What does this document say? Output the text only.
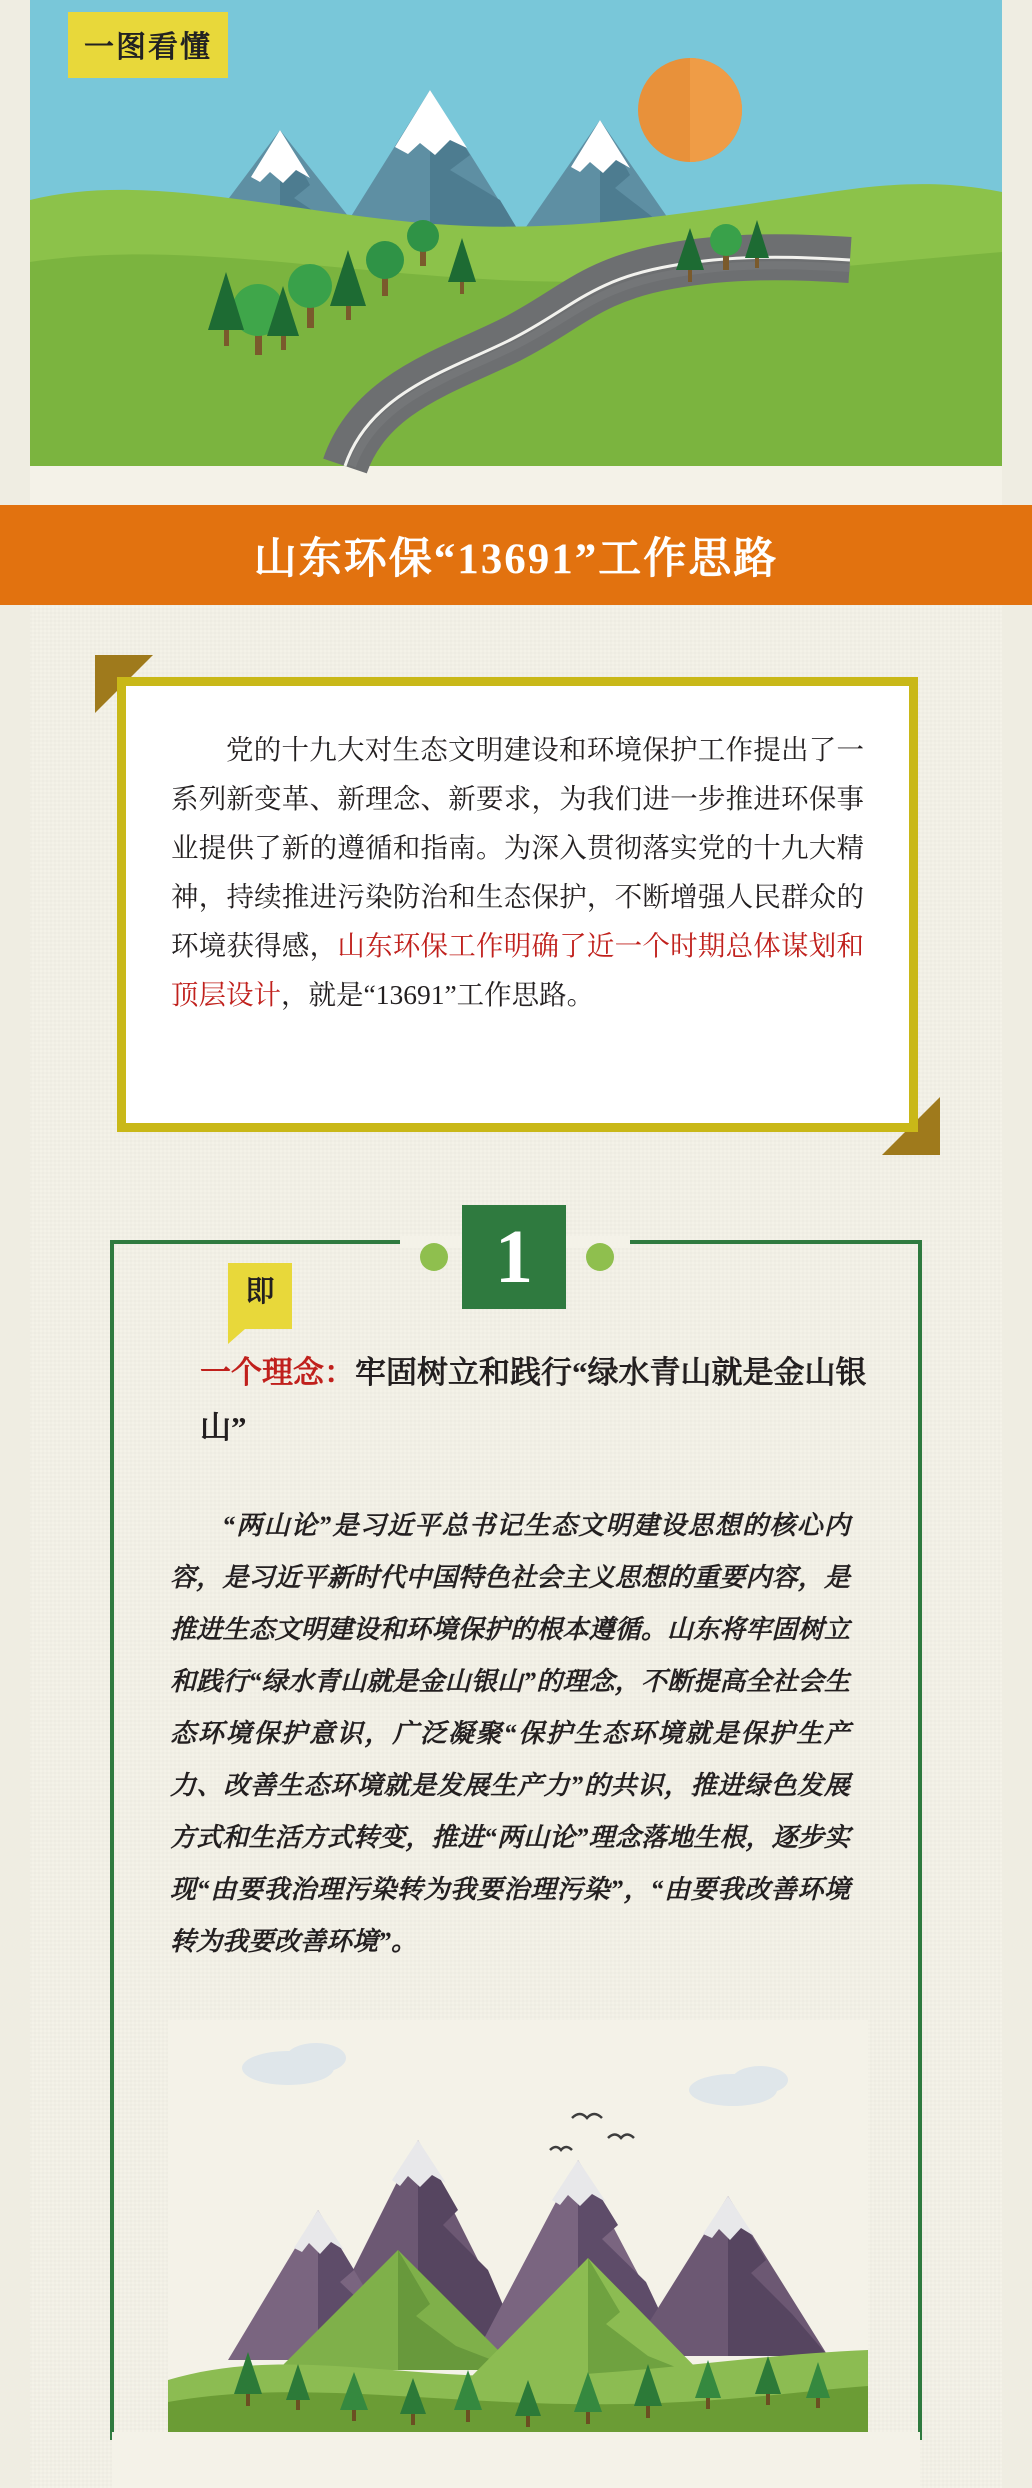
一图看懂
山东环保“13691”工作思路
党的十九大对生态文明建设和环境保护工作提出了一系列新变革、新理念、新要求，为我们进一步推进环保事业提供了新的遵循和指南。为深入贯彻落实党的十九大精神，持续推进污染防治和生态保护，不断增强人民群众的环境获得感，山东环保工作明确了近一个时期总体谋划和顶层设计，就是“13691”工作思路。
1
即
一个理念：牢固树立和践行“绿水青山就是金山银山”
“两山论”是习近平总书记生态文明建设思想的核心内容，是习近平新时代中国特色社会主义思想的重要内容，是推进生态文明建设和环境保护的根本遵循。山东将牢固树立和践行“绿水青山就是金山银山”的理念，不断提高全社会生态环境保护意识，广泛凝聚“保护生态环境就是保护生产力、改善生态环境就是发展生产力”的共识，推进绿色发展方式和生活方式转变，推进“两山论”理念落地生根，逐步实现“由要我治理污染转为我要治理污染”，“由要我改善环境转为我要改善环境”。
